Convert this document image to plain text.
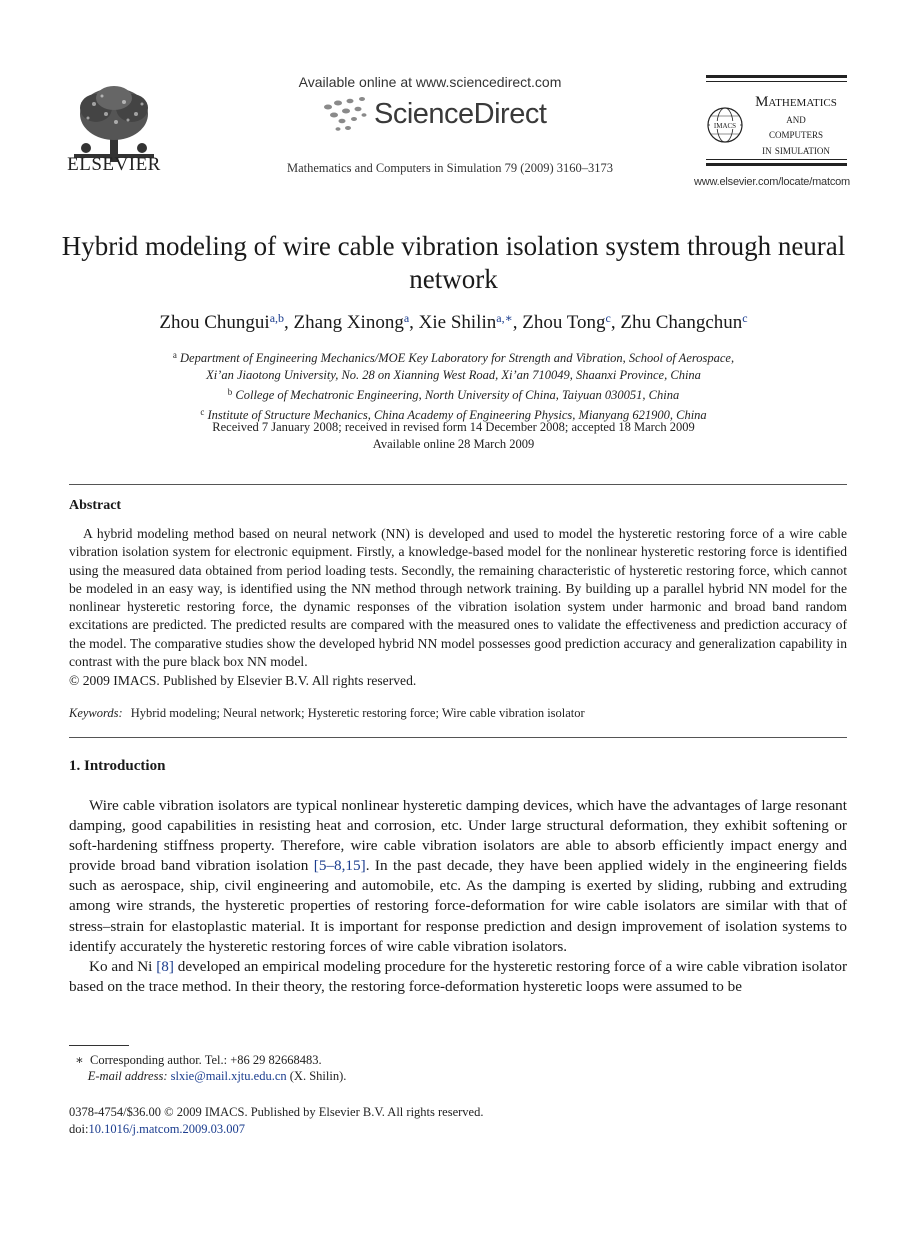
ELSEVIER
Available online at www.sciencedirect.com
ScienceDirect
Mathematics and Computers in Simulation 79 (2009) 3160–3173
IMACS
Mathematics
and
computers
in simulation
www.elsevier.com/locate/matcom
Hybrid modeling of wire cable vibration isolation system through neural network
Zhou Chungui$^{a,b}$, Zhang Xinong$^a$, Xie Shilin$^{a,∗}$, Zhou Tong$^c$, Zhu Changchun$^c$
$^a$ Department of Engineering Mechanics/MOE Key Laboratory for Strength and Vibration, School of Aerospace,
Xi’an Jiaotong University, No. 28 on Xianning West Road, Xi’an 710049, Shaanxi Province, China
$^b$ College of Mechatronic Engineering, North University of China, Taiyuan 030051, China
$^c$ Institute of Structure Mechanics, China Academy of Engineering Physics, Mianyang 621900, China
Received 7 January 2008; received in revised form 14 December 2008; accepted 18 March 2009
Available online 28 March 2009
Abstract

A hybrid modeling method based on neural network (NN) is developed and used to model the hysteretic restoring force of a wire cable vibration isolation system for electronic equipment. Firstly, a knowledge-based model for the nonlinear hysteretic restoring force is identified using the measured data obtained from period loading tests. Secondly, the remaining characteristic of hysteretic restoring force, which cannot be modeled in an easy way, is identified using the NN method through network training. By building up a parallel hybrid NN model for the nonlinear hysteretic restoring force, the dynamic responses of the vibration isolation system under harmonic and broad band random excitations are predicted. The predicted results are compared with the measured ones to validate the effectiveness and prediction accuracy of the model. The comparative studies show the developed hybrid NN model possesses good prediction accuracy and generalization capability in contrast with the pure black box NN model.

© 2009 IMACS. Published by Elsevier B.V. All rights reserved.
Keywords: Hybrid modeling; Neural network; Hysteretic restoring force; Wire cable vibration isolator
1. Introduction

Wire cable vibration isolators are typical nonlinear hysteretic damping devices, which have the advantages of large resonant damping, good capabilities in resisting heat and corrosion, etc. Under large structural deformation, they exhibit softening or soft-hardening stiffness property. Therefore, wire cable vibration isolators are able to absorb efficiently impact energy and provide broad band vibration isolation [5–8,15]. In the past decade, they have been applied widely in the engineering fields such as aerospace, ship, civil engineering and automobile, etc. As the damping is exerted by sliding, rubbing and extruding among wire strands, the hysteretic properties of restoring force-deformation for wire cable isolators are similar with that of stress–strain for elastoplastic material. It is important for response prediction and design improvement of isolation systems to identify accurately the hysteretic restoring forces of wire cable vibration isolators.

Ko and Ni [8] developed an empirical modeling procedure for the hysteretic restoring force of a wire cable vibration isolator based on the trace method. In their theory, the restoring force-deformation hysteretic loops were assumed to be

∗ Corresponding author. Tel.: +86 29 82668483.
E-mail address: slxie@mail.xjtu.edu.cn (X. Shilin).
0378-4754/$36.00 © 2009 IMACS. Published by Elsevier B.V. All rights reserved.
doi:10.1016/j.matcom.2009.03.007
